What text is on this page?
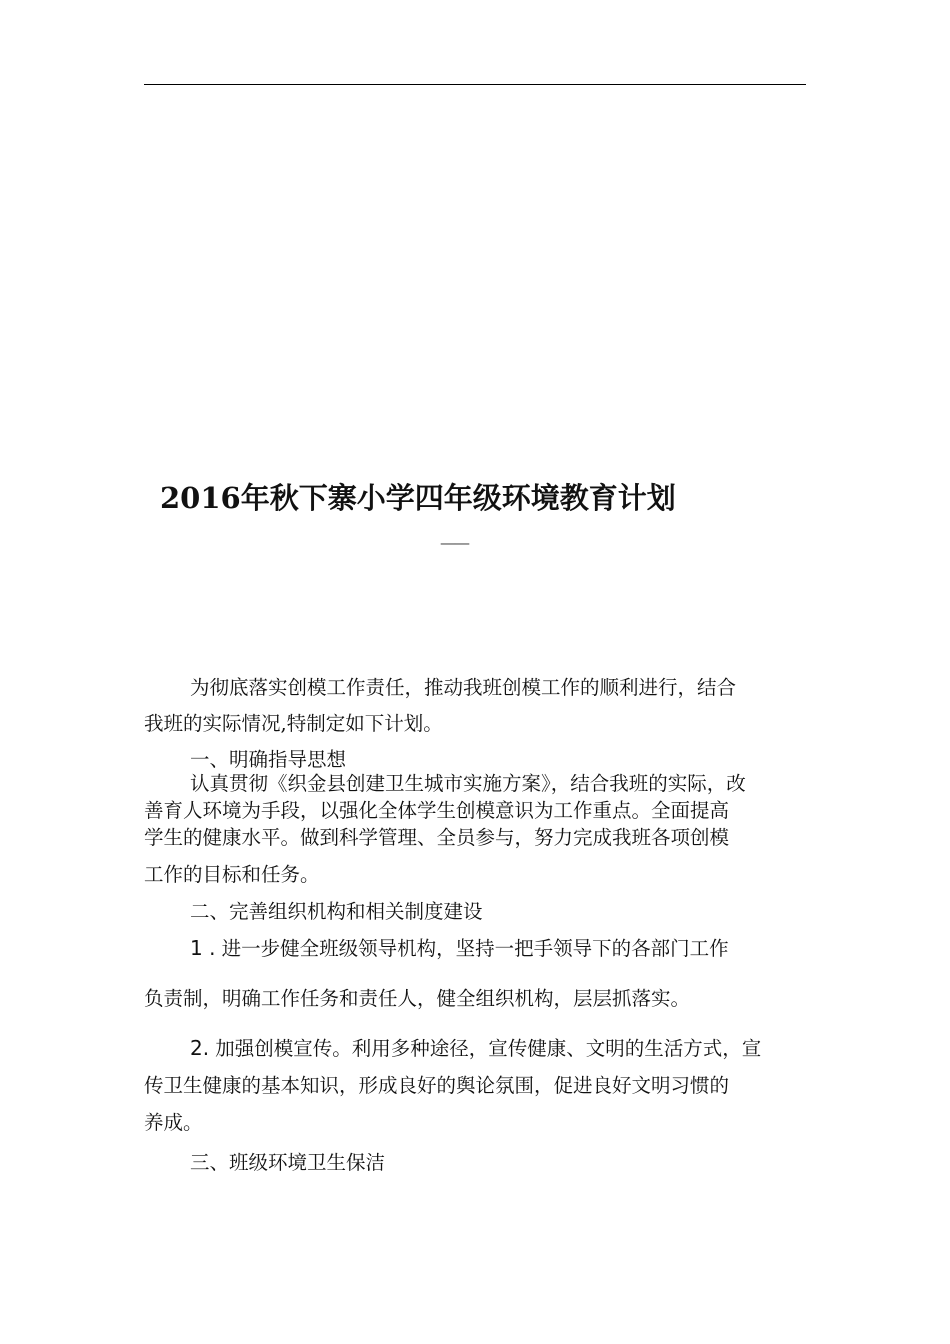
2016年秋下寨小学四年级环境教育计划
——

为彻底落实创模工作责任，推动我班创模工作的顺利进行，结合

我班的实际情况,特制定如下计划。

一、明确指导思想

认真贯彻《织金县创建卫生城市实施方案》，结合我班的实际，改

善育人环境为手段，以强化全体学生创模意识为工作重点。全面提高

学生的健康水平。做到科学管理、全员参与，努力完成我班各项创模

工作的目标和任务。

二、完善组织机构和相关制度建设

1 . 进一步健全班级领导机构，坚持一把手领导下的各部门工作

负责制，明确工作任务和责任人，健全组织机构，层层抓落实。

2. 加强创模宣传。利用多种途径，宣传健康、文明的生活方式，宣

传卫生健康的基本知识，形成良好的舆论氛围，促进良好文明习惯的

养成。

三、班级环境卫生保洁
